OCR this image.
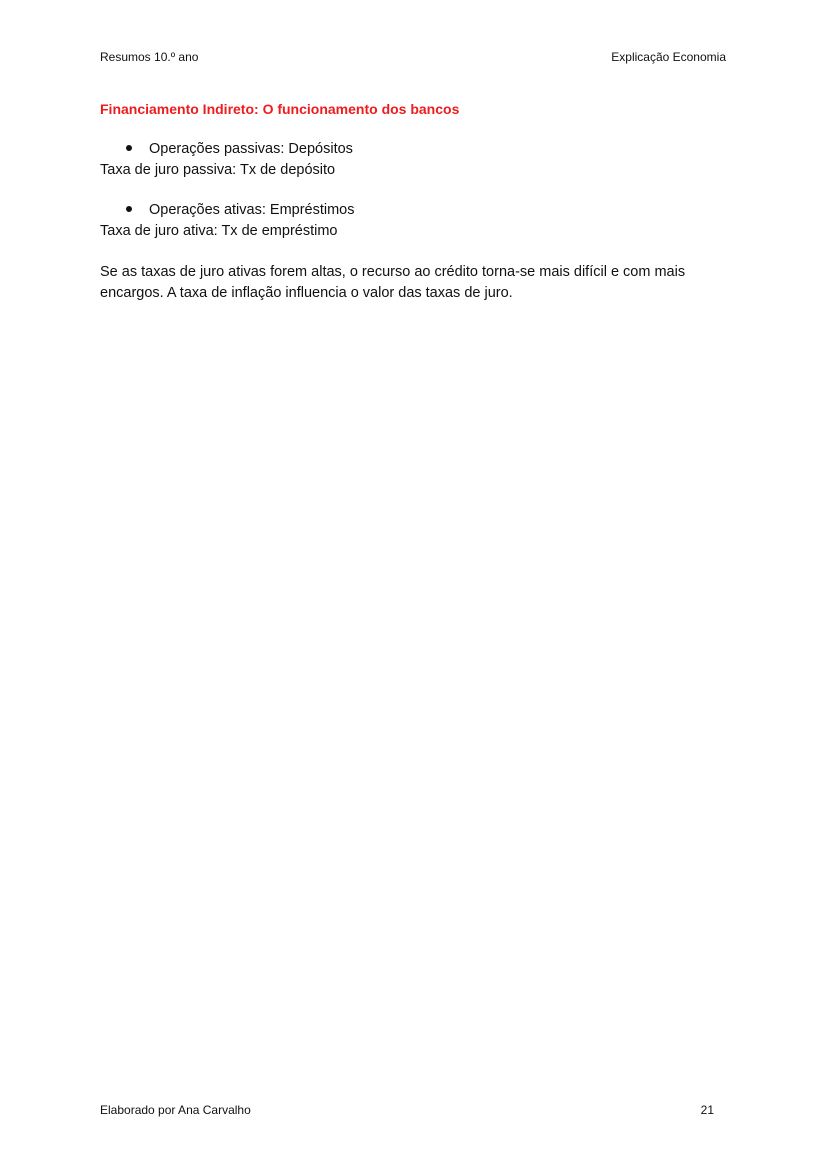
Resumos 10.º ano	Explicação Economia
Financiamento Indireto: O funcionamento dos bancos
Operações passivas: Depósitos
Taxa de juro passiva: Tx de depósito
Operações ativas: Empréstimos
Taxa de juro ativa: Tx de empréstimo
Se as taxas de juro ativas forem altas, o recurso ao crédito torna-se mais difícil e com mais encargos. A taxa de inflação influencia o valor das taxas de juro.
Elaborado por Ana Carvalho	21
